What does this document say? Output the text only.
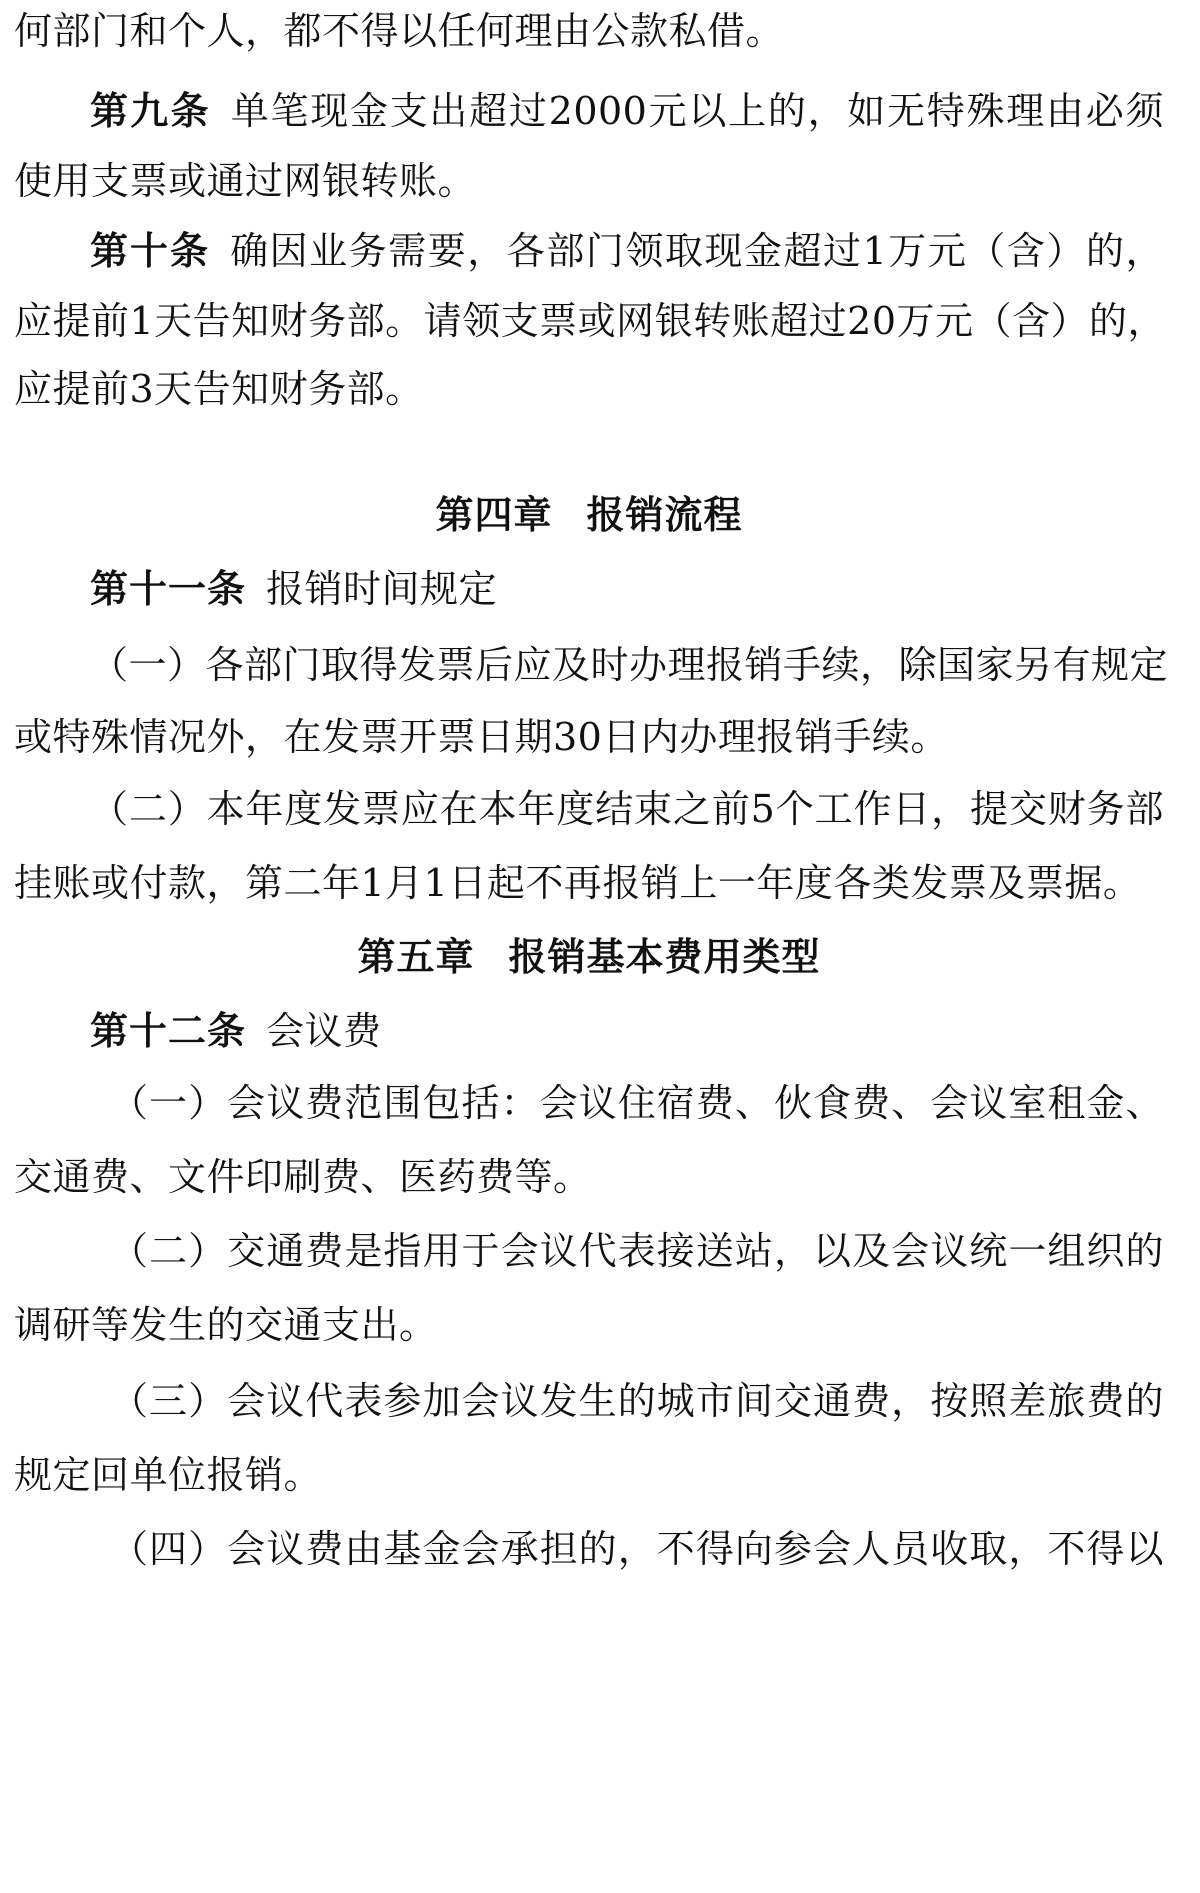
何部门和个人，都不得以任何理由公款私借。
第九条 单笔现金支出超过2000元以上的，如无特殊理由必须
使用支票或通过网银转账。
第十条 确因业务需要，各部门领取现金超过1万元（含）的，
应提前1天告知财务部。请领支票或网银转账超过20万元（含）的，
应提前3天告知财务部。
第四章 报销流程
第十一条 报销时间规定
（一）各部门取得发票后应及时办理报销手续，除国家另有规定
或特殊情况外，在发票开票日期30日内办理报销手续。
（二）本年度发票应在本年度结束之前5个工作日，提交财务部
挂账或付款，第二年1月1日起不再报销上一年度各类发票及票据。
第五章 报销基本费用类型
第十二条 会议费
（一）会议费范围包括：会议住宿费、伙食费、会议室租金、
交通费、文件印刷费、医药费等。
（二）交通费是指用于会议代表接送站，以及会议统一组织的
调研等发生的交通支出。
（三）会议代表参加会议发生的城市间交通费，按照差旅费的
规定回单位报销。
（四）会议费由基金会承担的，不得向参会人员收取，不得以
